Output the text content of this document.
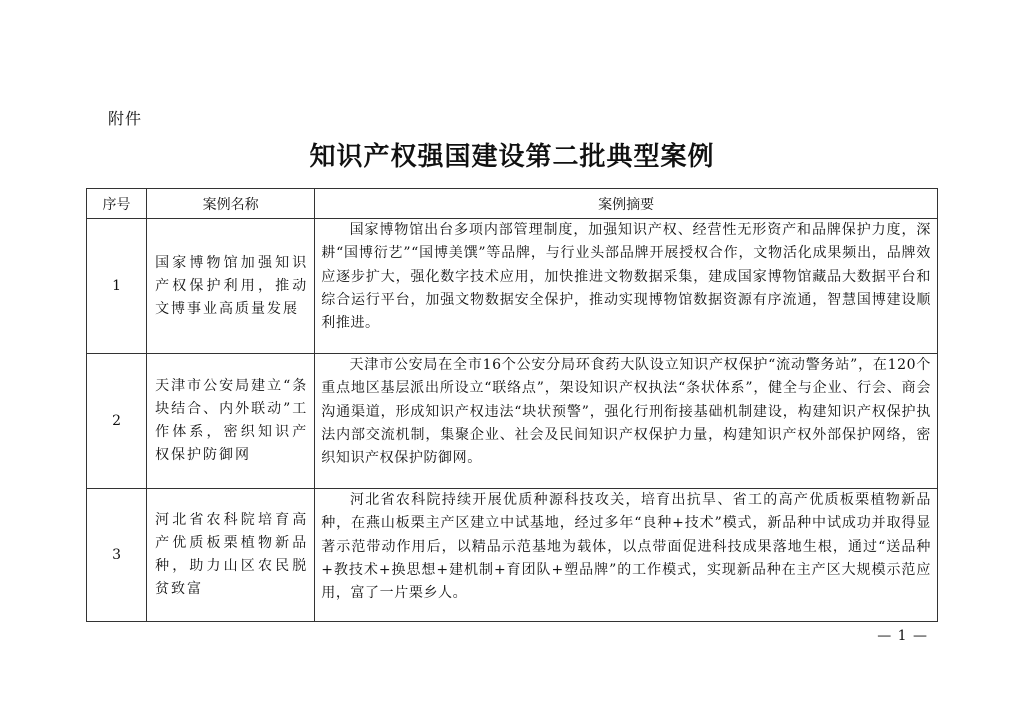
附件
知识产权强国建设第二批典型案例
序号	案例名称	案例摘要
1	国家博物馆加强知识产权保护利用，推动文博事业高质量发展	国家博物馆出台多项内部管理制度，加强知识产权、经营性无形资产和品牌保护力度，深耕“国博衍艺”“国博美馔”等品牌，与行业头部品牌开展授权合作，文物活化成果频出，品牌效应逐步扩大，强化数字技术应用，加快推进文物数据采集，建成国家博物馆藏品大数据平台和综合运行平台，加强文物数据安全保护，推动实现博物馆数据资源有序流通，智慧国博建设顺利推进。
2	天津市公安局建立“条块结合、内外联动”工作体系，密织知识产权保护防御网	天津市公安局在全市16个公安分局环食药大队设立知识产权保护“流动警务站”，在120个重点地区基层派出所设立“联络点”，架设知识产权执法“条状体系”，健全与企业、行会、商会沟通渠道，形成知识产权违法“块状预警”，强化行刑衔接基础机制建设，构建知识产权保护执法内部交流机制，集聚企业、社会及民间知识产权保护力量，构建知识产权外部保护网络，密织知识产权保护防御网。
3	河北省农科院培育高产优质板栗植物新品种，助力山区农民脱贫致富	河北省农科院持续开展优质种源科技攻关，培育出抗旱、省工的高产优质板栗植物新品种，在燕山板栗主产区建立中试基地，经过多年“良种+技术”模式，新品种中试成功并取得显著示范带动作用后，以精品示范基地为载体，以点带面促进科技成果落地生根，通过“送品种+教技术+换思想+建机制+育团队+塑品牌”的工作模式，实现新品种在主产区大规模示范应用，富了一片栗乡人。
— 1 —
